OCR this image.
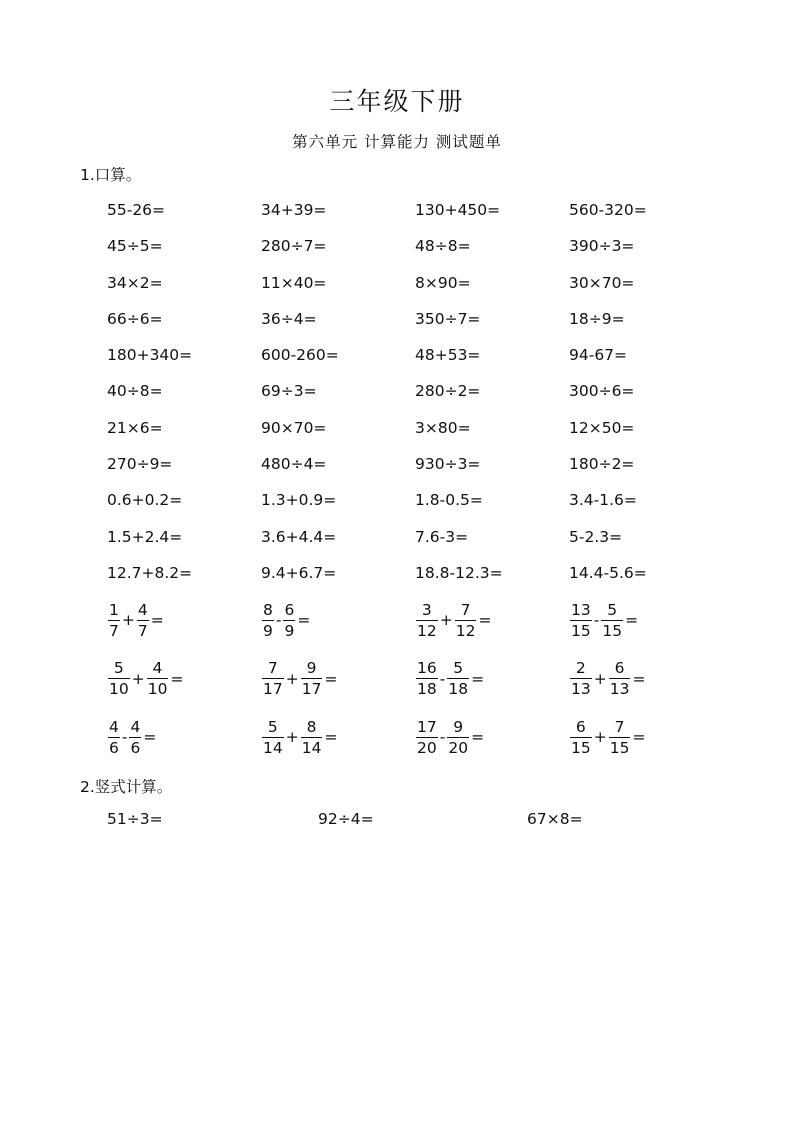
三年级下册
第六单元 计算能力 测试题单
1.口算。
55-26=	34+39=	130+450=	560-320=
45÷5=	280÷7=	48÷8=	390÷3=
34×2=	11×40=	8×90=	30×70=
66÷6=	36÷4=	350÷7=	18÷9=
180+340=	600-260=	48+53=	94-67=
40÷8=	69÷3=	280÷2=	300÷6=
21×6=	90×70=	3×80=	12×50=
270÷9=	480÷4=	930÷3=	180÷2=
0.6+0.2=	1.3+0.9=	1.8-0.5=	3.4-1.6=
1.5+2.4=	3.6+4.4=	7.6-3=	5-2.3=
12.7+8.2=	9.4+6.7=	18.8-12.3=	14.4-5.6=
$\frac{1}{7} + \frac{4}{7}$ =	$\frac{8}{9} - \frac{6}{9}$ =	$\frac{3}{12} + \frac{7}{12}$ =	$\frac{13}{15} - \frac{5}{15}$ =
$\frac{5}{10} + \frac{4}{10}$ =	$\frac{7}{17} + \frac{9}{17}$ =	$\frac{16}{18} - \frac{5}{18}$ =	$\frac{2}{13} + \frac{6}{13}$ =
$\frac{4}{6} - \frac{4}{6}$ =	$\frac{5}{14} + \frac{8}{14}$ =	$\frac{17}{20} - \frac{9}{20}$ =	$\frac{6}{15} + \frac{7}{15}$ =
2.竖式计算。
51÷3=	92÷4=	67×8=
